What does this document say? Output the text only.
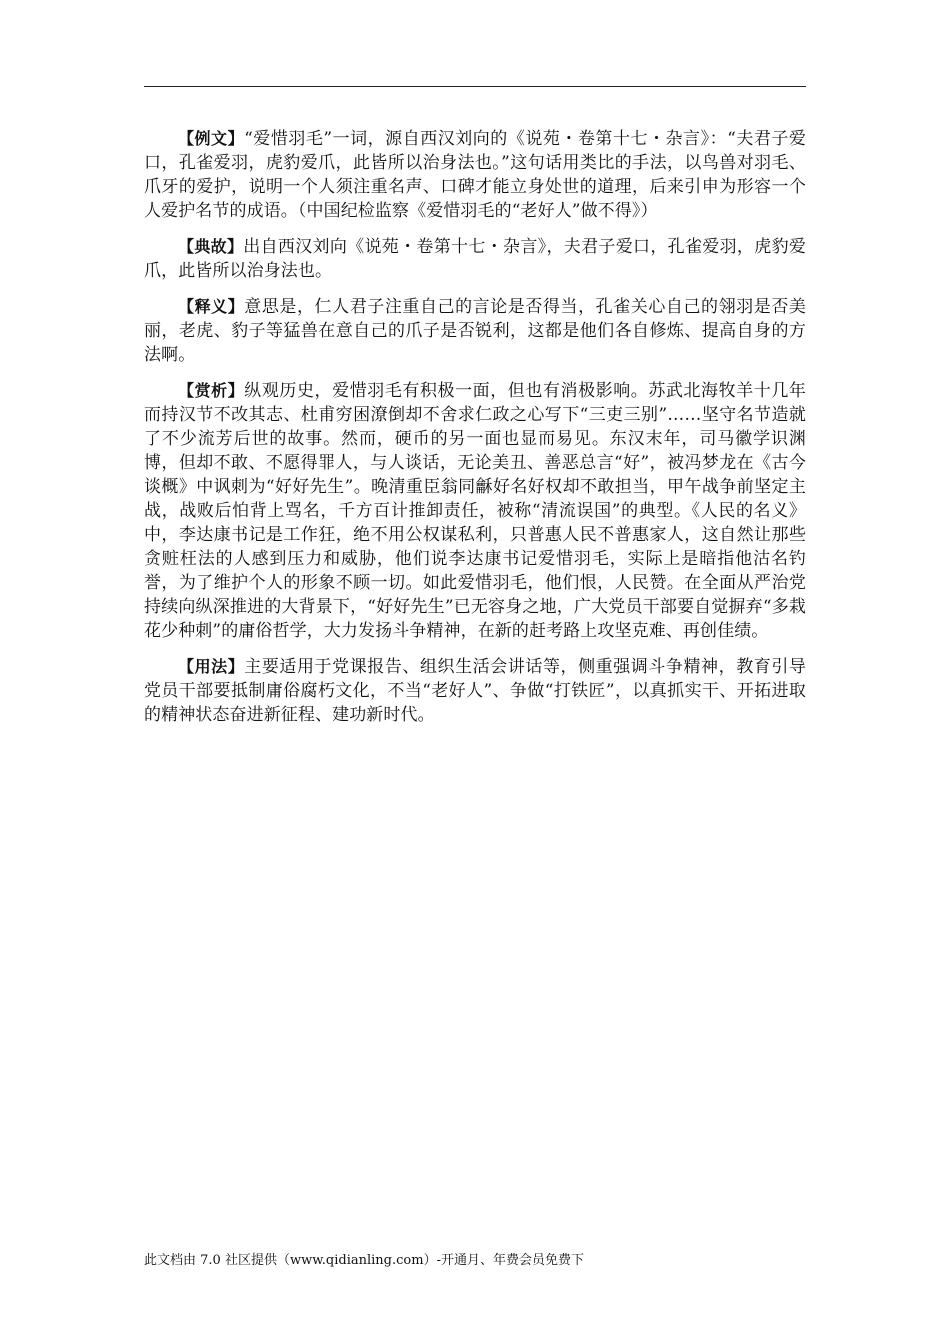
【例文】“爱惜羽毛”一词，源自西汉刘向的《说苑・卷第十七・杂言》：“夫君子爱口，孔雀爱羽，虎豹爱爪，此皆所以治身法也。”这句话用类比的手法，以鸟兽对羽毛、爪牙的爱护，说明一个人须注重名声、口碑才能立身处世的道理，后来引申为形容一个人爱护名节的成语。（中国纪检监察《爱惜羽毛的“老好人”做不得》）

【典故】出自西汉刘向《说苑・卷第十七・杂言》，夫君子爱口，孔雀爱羽，虎豹爱爪，此皆所以治身法也。

【释义】意思是，仁人君子注重自己的言论是否得当，孔雀关心自己的翎羽是否美丽，老虎、豹子等猛兽在意自己的爪子是否锐利，这都是他们各自修炼、提高自身的方法啊。

【赏析】纵观历史，爱惜羽毛有积极一面，但也有消极影响。苏武北海牧羊十几年而持汉节不改其志、杜甫穷困潦倒却不舍求仁政之心写下“三吏三别”……坚守名节造就了不少流芳后世的故事。然而，硬币的另一面也显而易见。东汉末年，司马徽学识渊博，但却不敢、不愿得罪人，与人谈话，无论美丑、善恶总言“好”，被冯梦龙在《古今谈概》中讽刺为“好好先生”。晚清重臣翁同龢好名好权却不敢担当，甲午战争前坚定主战，战败后怕背上骂名，千方百计推卸责任，被称“清流误国”的典型。《人民的名义》中，李达康书记是工作狂，绝不用公权谋私利，只普惠人民不普惠家人，这自然让那些贪赃枉法的人感到压力和威胁，他们说李达康书记爱惜羽毛，实际上是暗指他沽名钓誉，为了维护个人的形象不顾一切。如此爱惜羽毛，他们恨，人民赞。在全面从严治党持续向纵深推进的大背景下，“好好先生”已无容身之地，广大党员干部要自觉摒弃“多栽花少种刺”的庸俗哲学，大力发扬斗争精神，在新的赶考路上攻坚克难、再创佳绩。

【用法】主要适用于党课报告、组织生活会讲话等，侧重强调斗争精神，教育引导党员干部要抵制庸俗腐朽文化，不当“老好人”、争做“打铁匠”，以真抓实干、开拓进取的精神状态奋进新征程、建功新时代。

此文档由 7.0 社区提供（www.qidianling.com）-开通月、年费会员免费下
